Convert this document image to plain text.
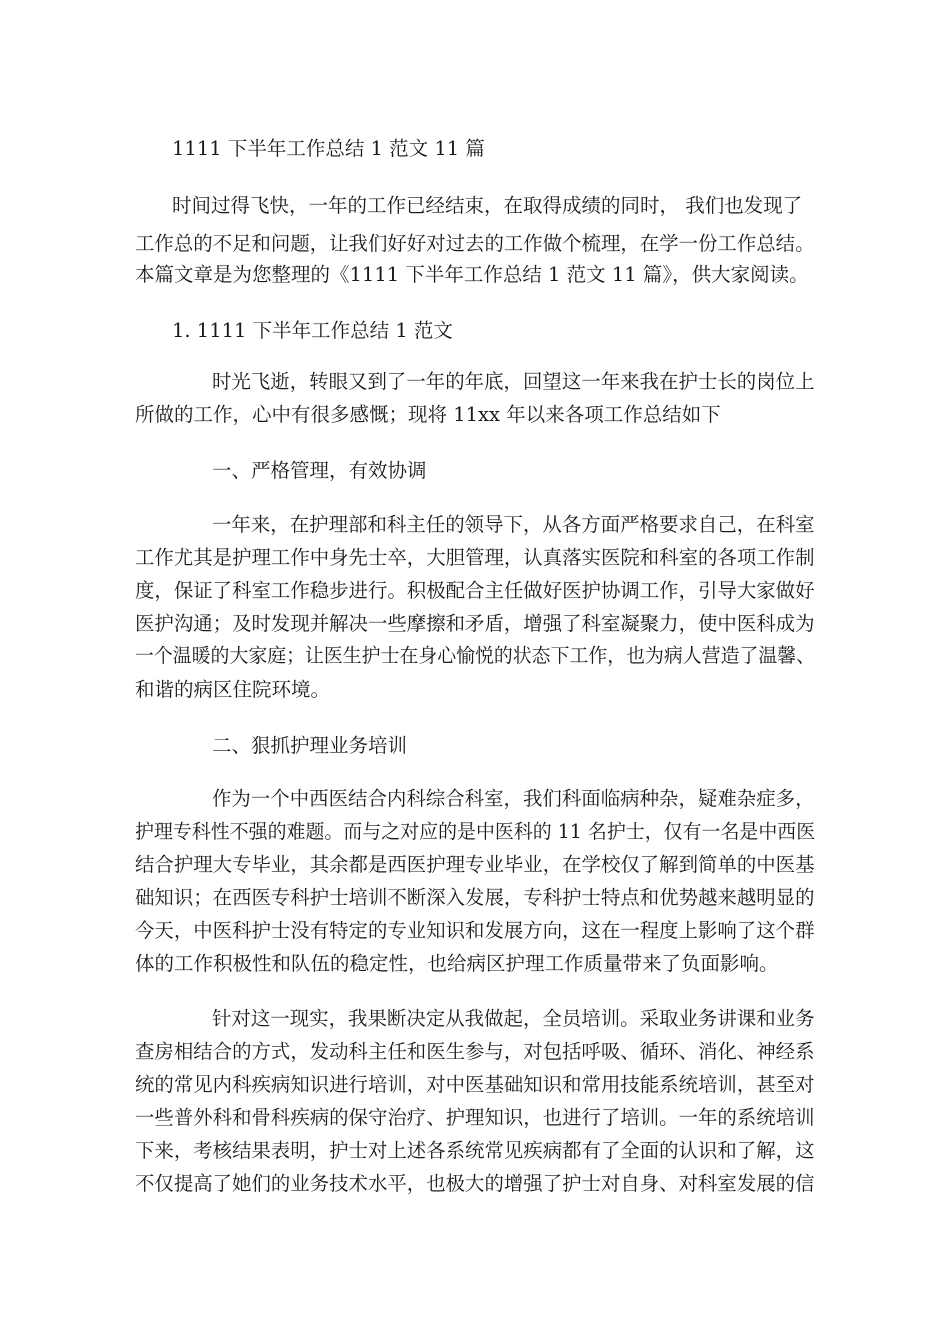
1111 下半年工作总结 1 范文 11 篇
时间过得飞快，一年的工作已经结束，在取得成绩的同时， 我们也发现了
工作总的不足和问题，让我们好好对过去的工作做个梳理，在学一份工作总结。
本篇文章是为您整理的《1111 下半年工作总结 1 范文 11 篇》，供大家阅读。
1. 1111 下半年工作总结 1 范文
时光飞逝，转眼又到了一年的年底，回望这一年来我在护士长的岗位上
所做的工作，心中有很多感慨；现将 11xx 年以来各项工作总结如下
一、严格管理，有效协调
一年来，在护理部和科主任的领导下，从各方面严格要求自己，在科室
工作尤其是护理工作中身先士卒，大胆管理，认真落实医院和科室的各项工作制
度，保证了科室工作稳步进行。积极配合主任做好医护协调工作，引导大家做好
医护沟通；及时发现并解决一些摩擦和矛盾，增强了科室凝聚力，使中医科成为
一个温暖的大家庭；让医生护士在身心愉悦的状态下工作，也为病人营造了温馨、
和谐的病区住院环境。
二、狠抓护理业务培训
作为一个中西医结合内科综合科室，我们科面临病种杂，疑难杂症多，
护理专科性不强的难题。而与之对应的是中医科的 11 名护士，仅有一名是中西医
结合护理大专毕业，其余都是西医护理专业毕业，在学校仅了解到简单的中医基
础知识；在西医专科护士培训不断深入发展，专科护士特点和优势越来越明显的
今天，中医科护士没有特定的专业知识和发展方向，这在一程度上影响了这个群
体的工作积极性和队伍的稳定性，也给病区护理工作质量带来了负面影响。
针对这一现实，我果断决定从我做起，全员培训。采取业务讲课和业务
查房相结合的方式，发动科主任和医生参与，对包括呼吸、循环、消化、神经系
统的常见内科疾病知识进行培训，对中医基础知识和常用技能系统培训，甚至对
一些普外科和骨科疾病的保守治疗、护理知识，也进行了培训。一年的系统培训
下来，考核结果表明，护士对上述各系统常见疾病都有了全面的认识和了解，这
不仅提高了她们的业务技术水平，也极大的增强了护士对自身、对科室发展的信
